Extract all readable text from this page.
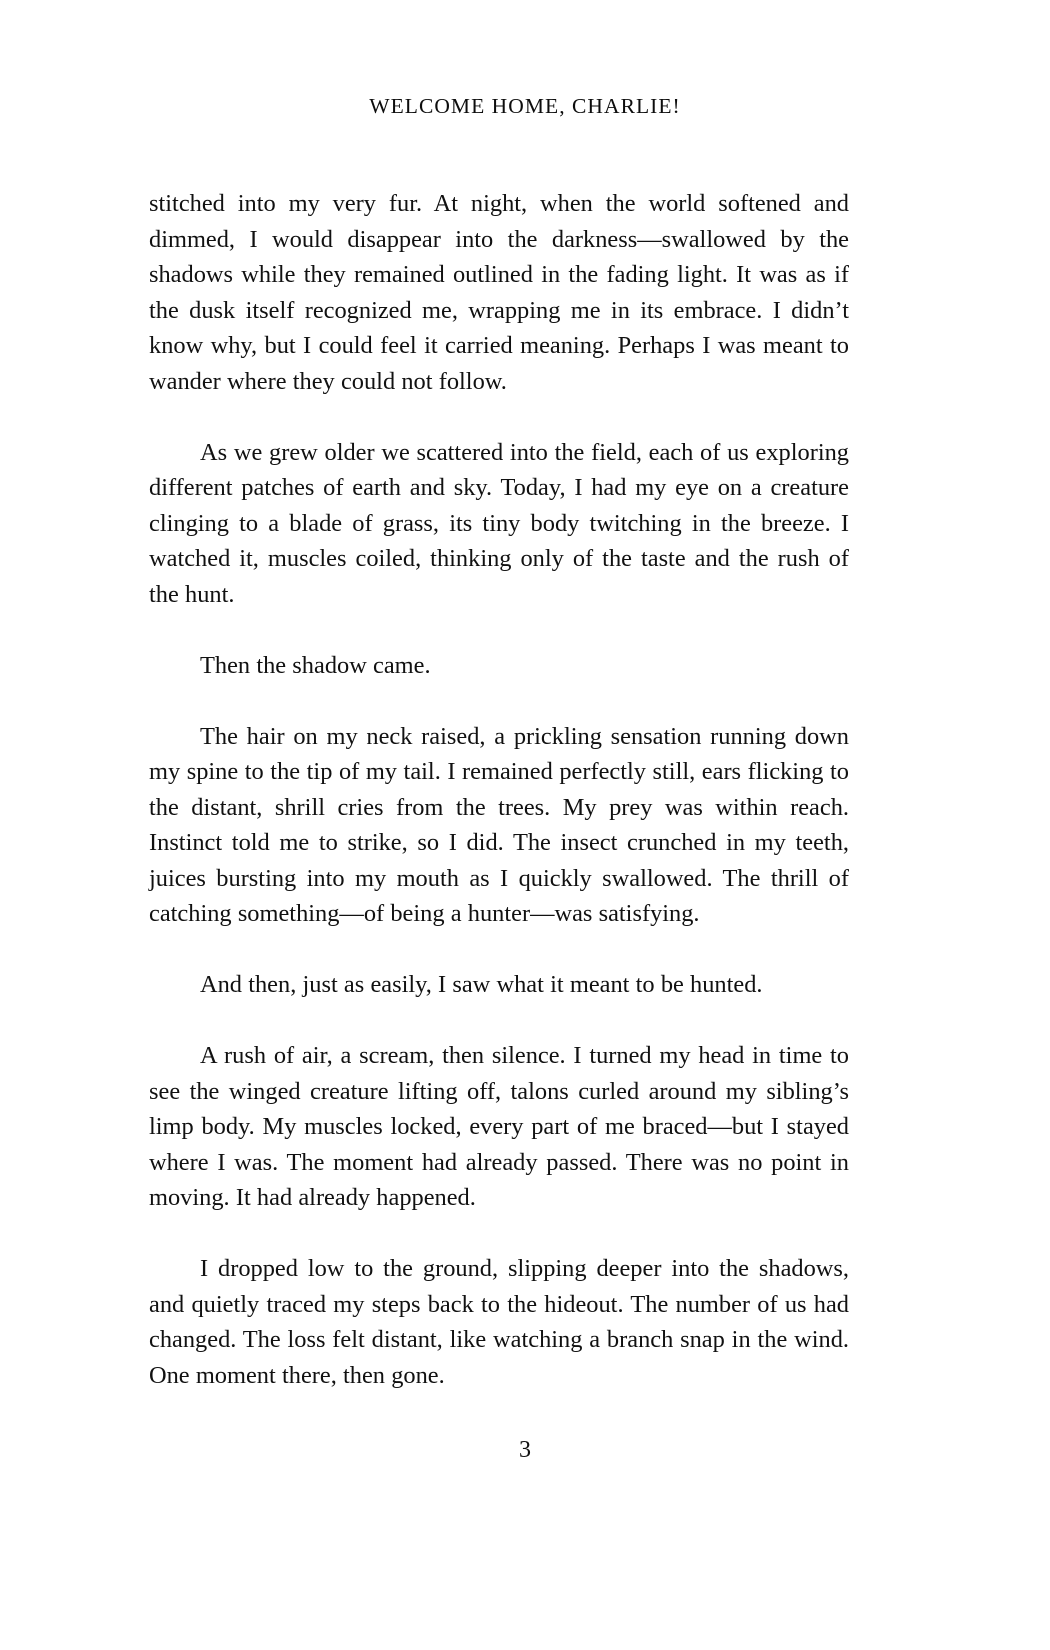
WELCOME HOME, CHARLIE!

stitched into my very fur. At night, when the world softened and dimmed, I would disappear into the darkness—swallowed by the shadows while they remained outlined in the fading light. It was as if the dusk itself recognized me, wrapping me in its embrace. I didn’t know why, but I could feel it carried meaning. Perhaps I was meant to wander where they could not follow.

As we grew older we scattered into the field, each of us exploring different patches of earth and sky. Today, I had my eye on a creature clinging to a blade of grass, its tiny body twitching in the breeze. I watched it, muscles coiled, thinking only of the taste and the rush of the hunt.

Then the shadow came.

The hair on my neck raised, a prickling sensation running down my spine to the tip of my tail. I remained perfectly still, ears flicking to the distant, shrill cries from the trees. My prey was within reach. Instinct told me to strike, so I did. The insect crunched in my teeth, juices bursting into my mouth as I quickly swallowed. The thrill of catching something—of being a hunter—was satisfying.

And then, just as easily, I saw what it meant to be hunted.

A rush of air, a scream, then silence. I turned my head in time to see the winged creature lifting off, talons curled around my sibling’s limp body. My muscles locked, every part of me braced—but I stayed where I was. The moment had already passed. There was no point in moving. It had already happened.

I dropped low to the ground, slipping deeper into the shadows, and quietly traced my steps back to the hideout. The number of us had changed. The loss felt distant, like watching a branch snap in the wind. One moment there, then gone.

3
